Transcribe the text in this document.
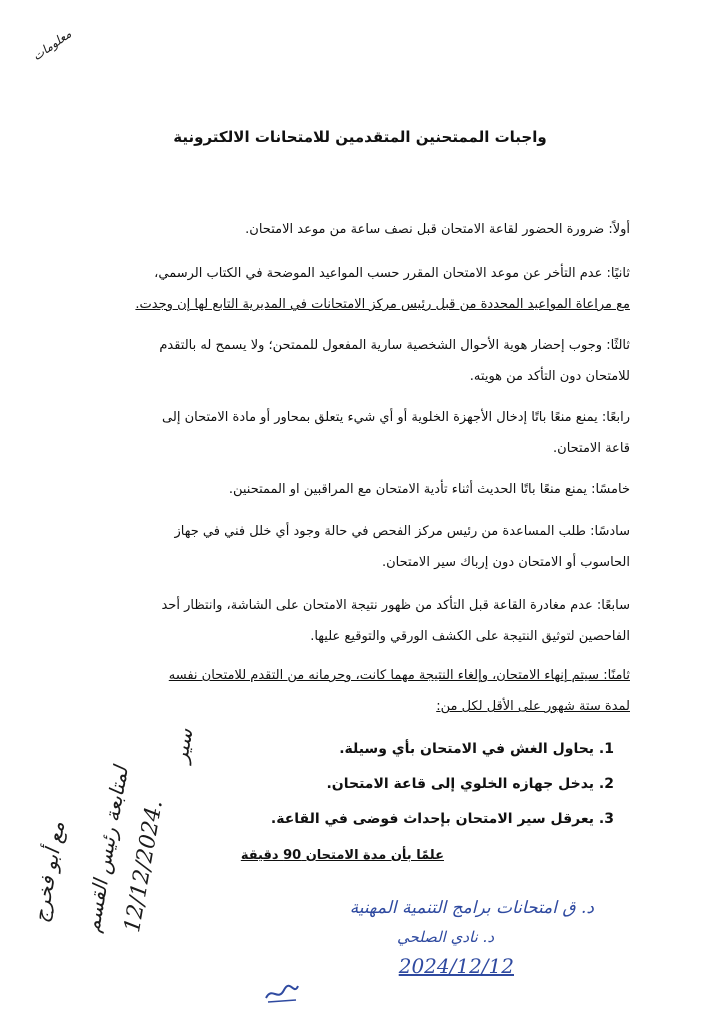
معلومات
واجبات الممتحنين المتقدمين للامتحانات الالكترونية
أولاً: ضرورة الحضور لقاعة الامتحان قبل نصف ساعة من موعد الامتحان.
ثانيًا: عدم التأخر عن موعد الامتحان المقرر حسب المواعيد الموضحة في الكتاب الرسمي،
مع مراعاة المواعيد المحددة من قبل رئيس مركز الامتحانات في المديرية التابع لها إن وجدت.
ثالثًا: وجوب إحضار هوية الأحوال الشخصية سارية المفعول للممتحن؛ ولا يسمح له بالتقدم
للامتحان دون التأكد من هويته.
رابعًا: يمنع منعًا باتًا إدخال الأجهزة الخلوية أو أي شيء يتعلق بمحاور أو مادة الامتحان إلى
قاعة الامتحان.
خامسًا: يمنع منعًا باتًا الحديث أثناء تأدية الامتحان مع المراقبين او الممتحنين.
سادسًا: طلب المساعدة من رئيس مركز الفحص في حالة وجود أي خلل فني في جهاز
الحاسوب أو الامتحان دون إرباك سير الامتحان.
سابعًا: عدم مغادرة القاعة قبل التأكد من ظهور نتيجة الامتحان على الشاشة، وانتظار أحد
الفاحصين لتوثيق النتيجة على الكشف الورقي والتوقيع عليها.
ثامنًا: سيتم إنهاء الامتحان، وإلغاء النتيجة مهما كانت، وحرمانه من التقدم للامتحان نفسه
لمدة ستة شهور على الأقل لكل من:
1. يحاول الغش في الامتحان بأي وسيلة.
2. يدخل جهازه الخلوي إلى قاعة الامتحان.
3. يعرقل سير الامتحان بإحداث فوضى في القاعة.
علمًا بأن مدة الامتحان 90 دقيقة
سير
لمتابعة رئيس القسم
مع أبو فخرج 12/12/2024.	د. ق امتحانات برامج التنمية المهنية
د. نادي الصلحي
2024/12/12
